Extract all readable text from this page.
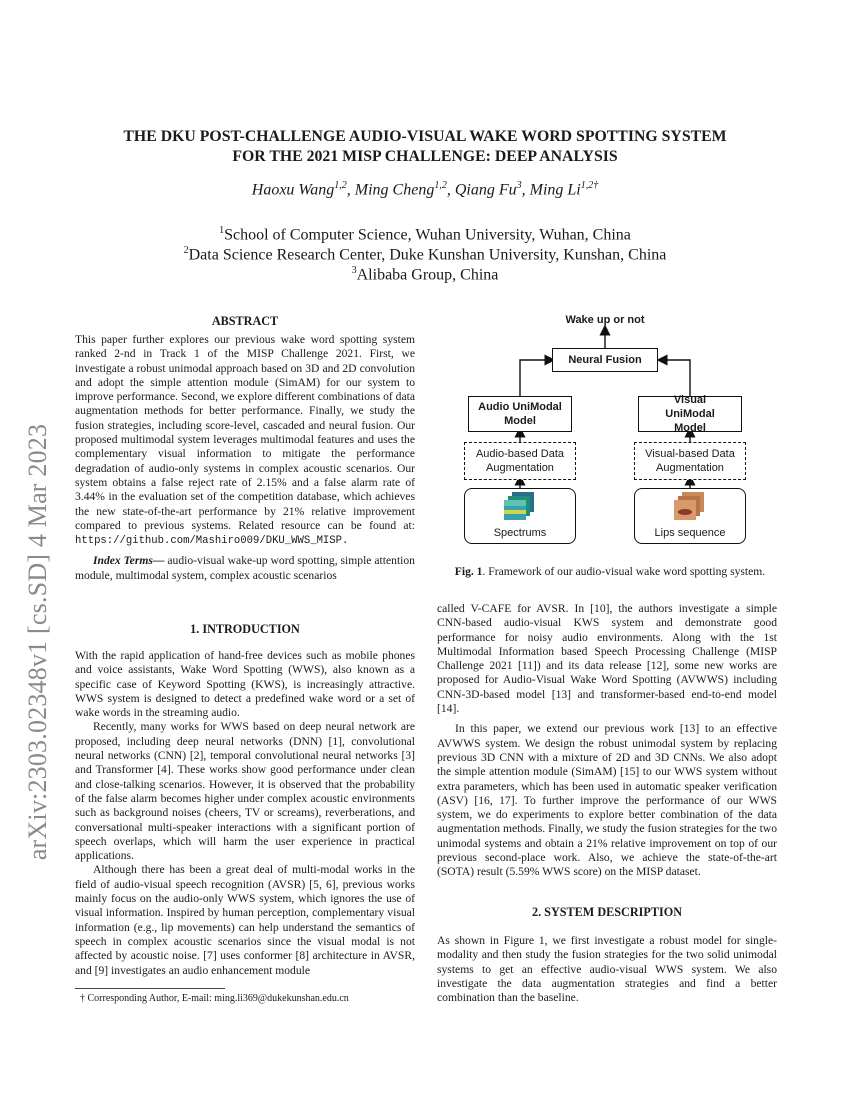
arXiv:2303.02348v1 [cs.SD] 4 Mar 2023
THE DKU POST-CHALLENGE AUDIO-VISUAL WAKE WORD SPOTTING SYSTEM
FOR THE 2021 MISP CHALLENGE: DEEP ANALYSIS
Haoxu Wang$^{1,2}$, Ming Cheng$^{1,2}$, Qiang Fu$^3$, Ming $Li^{1,2\dagger}$
$^1$School of Computer Science, Wuhan University, Wuhan, China
$^2$Data Science Research Center, Duke Kunshan University, Kunshan, China
$^3$Alibaba Group, China
ABSTRACT

This paper further explores our previous wake word spotting system ranked 2-nd in Track 1 of the MISP Challenge 2021. First, we investigate a robust unimodal approach based on 3D and 2D convolution and adopt the simple attention module (SimAM) for our system to improve performance. Second, we explore different combinations of data augmentation methods for better performance. Finally, we study the fusion strategies, including score-level, cascaded and neural fusion. Our proposed multimodal system leverages multimodal features and uses the complementary visual information to mitigate the performance degradation of audio-only systems in complex acoustic scenarios. Our system obtains a false reject rate of 2.15% and a false alarm rate of 3.44% in the evaluation set of the competition database, which achieves the new state-of-the-art performance by 21% relative improvement compared to previous systems. Related resource can be found at: https://github.com/Mashiro009/DKU_WWS_MISP.

Index Terms— audio-visual wake-up word spotting, simple attention module, multimodal system, complex acoustic scenarios

1. INTRODUCTION

With the rapid application of hand-free devices such as mobile phones and voice assistants, Wake Word Spotting (WWS), also known as a specific case of Keyword Spotting (KWS), is increasingly attractive. WWS system is designed to detect a predefined wake word or a set of wake words in the streaming audio.

Recently, many works for WWS based on deep neural network are proposed, including deep neural networks (DNN) [1], convolutional neural networks (CNN) [2], temporal convolutional neural networks [3] and Transformer [4]. These works show good performance under clean and close-talking scenarios. However, it is observed that the probability of the false alarm becomes higher under complex acoustic environments such as background noises (cheers, TV or screams), reverberations, and conversational multi-speaker interactions with a significant portion of speech overlaps, which will harm the user experience in practical applications.

Although there has been a great deal of multi-modal works in the field of audio-visual speech recognition (AVSR) [5, 6], previous works mainly focus on the audio-only WWS system, which ignores the use of visual information. Inspired by human perception, complementary visual information (e.g., lip movements) can help understand the semantics of speech in complex acoustic scenarios since the visual modal is not affected by acoustic noise. [7] uses conformer [8] architecture in AVSR, and [9] investigates an audio enhancement module

† Corresponding Author, E-mail: ming.li369@dukekunshan.edu.cn
Wake up or not
Neural Fusion
Audio UniModal Model
Visual UniModal Model
Audio-based Data Augmentation
Visual-based Data Augmentation
Spectrums	Lips sequence
Fig. 1. Framework of our audio-visual wake word spotting system.

called V-CAFE for AVSR. In [10], the authors investigate a simple CNN-based audio-visual KWS system and demonstrate good performance for noisy audio environments. Along with the 1st Multimodal Information based Speech Processing Challenge (MISP Challenge 2021 [11]) and its data release [12], some new works are proposed for Audio-Visual Wake Word Spotting (AVWWS) including CNN-3D-based model [13] and transformer-based end-to-end model [14].

In this paper, we extend our previous work [13] to an effective AVWWS system. We design the robust unimodal system by replacing previous 3D CNN with a mixture of 2D and 3D CNNs. We also adopt the simple attention module (SimAM) [15] to our WWS system without extra parameters, which has been used in automatic speaker verification (ASV) [16, 17]. To further improve the performance of our WWS system, we do experiments to explore better combination of the data augmentation methods. Finally, we study the fusion strategies for the two unimodal systems and obtain a 21% relative improvement on top of our previous second-place work. Also, we achieve the state-of-the-art (SOTA) result (5.59% WWS score) on the MISP dataset.

2. SYSTEM DESCRIPTION

As shown in Figure 1, we first investigate a robust model for single-modality and then study the fusion strategies for the two solid unimodal systems to get an effective audio-visual WWS system. We also investigate the data augmentation strategies and find a better combination than the baseline.
